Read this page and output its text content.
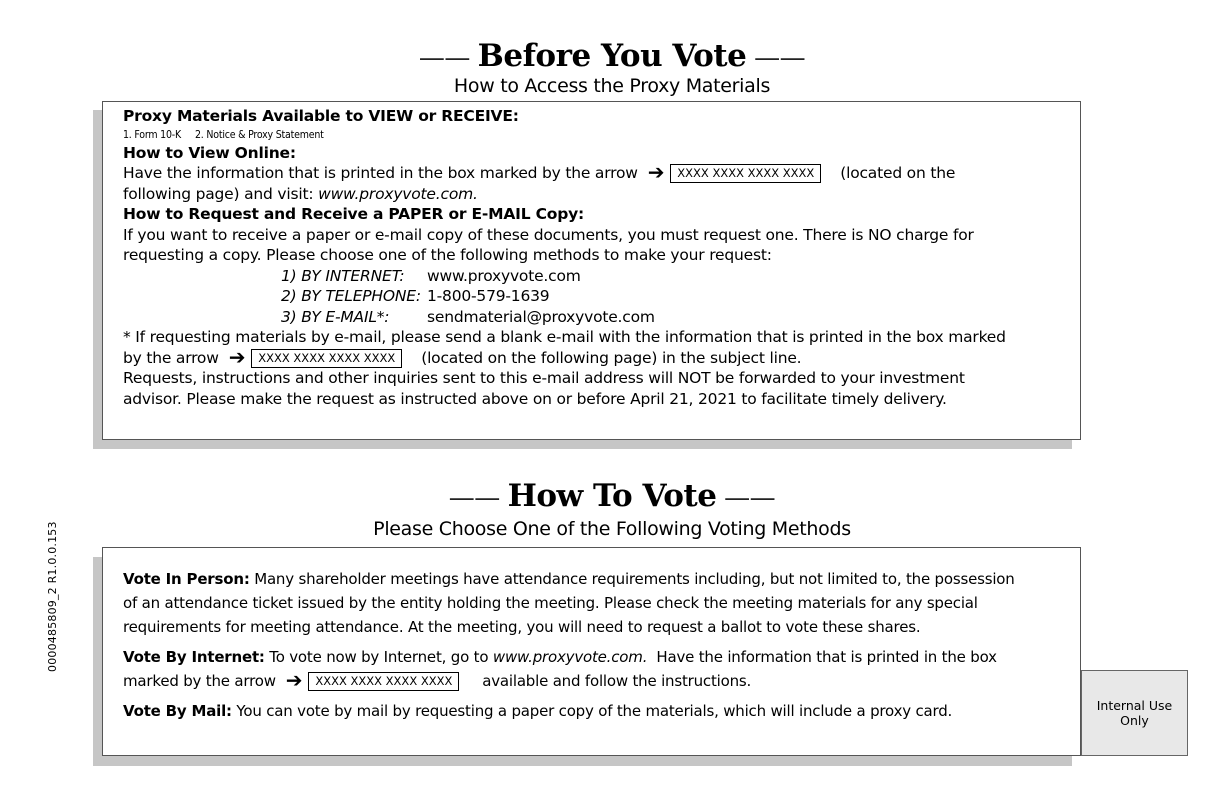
—— Before You Vote ——
How to Access the Proxy Materials
Proxy Materials Available to VIEW or RECEIVE:
1. Form 10-K 2. Notice & Proxy Statement
How to View Online:
Have the information that is printed in the box marked by the arrow ➔ XXXX XXXX XXXX XXXX (located on the
following page) and visit: www.proxyvote.com.
How to Request and Receive a PAPER or E-MAIL Copy:
If you want to receive a paper or e-mail copy of these documents, you must request one. There is NO charge for
requesting a copy. Please choose one of the following methods to make your request:
1) BY INTERNET: www.proxyvote.com
2) BY TELEPHONE: 1-800-579-1639
3) BY E-MAIL*: sendmaterial@proxyvote.com
* If requesting materials by e-mail, please send a blank e-mail with the information that is printed in the box marked
by the arrow ➔ XXXX XXXX XXXX XXXX (located on the following page) in the subject line.
Requests, instructions and other inquiries sent to this e-mail address will NOT be forwarded to your investment
advisor. Please make the request as instructed above on or before April 21, 2021 to facilitate timely delivery.
—— How To Vote ——
Please Choose One of the Following Voting Methods
Vote In Person: Many shareholder meetings have attendance requirements including, but not limited to, the possession
of an attendance ticket issued by the entity holding the meeting. Please check the meeting materials for any special
requirements for meeting attendance. At the meeting, you will need to request a ballot to vote these shares.
Vote By Internet: To vote now by Internet, go to www.proxyvote.com. Have the information that is printed in the box
marked by the arrow ➔ XXXX XXXX XXXX XXXX available and follow the instructions.
Vote By Mail: You can vote by mail by requesting a paper copy of the materials, which will include a proxy card.
0000485809_2 R1.0.0.153
Internal Use Only
